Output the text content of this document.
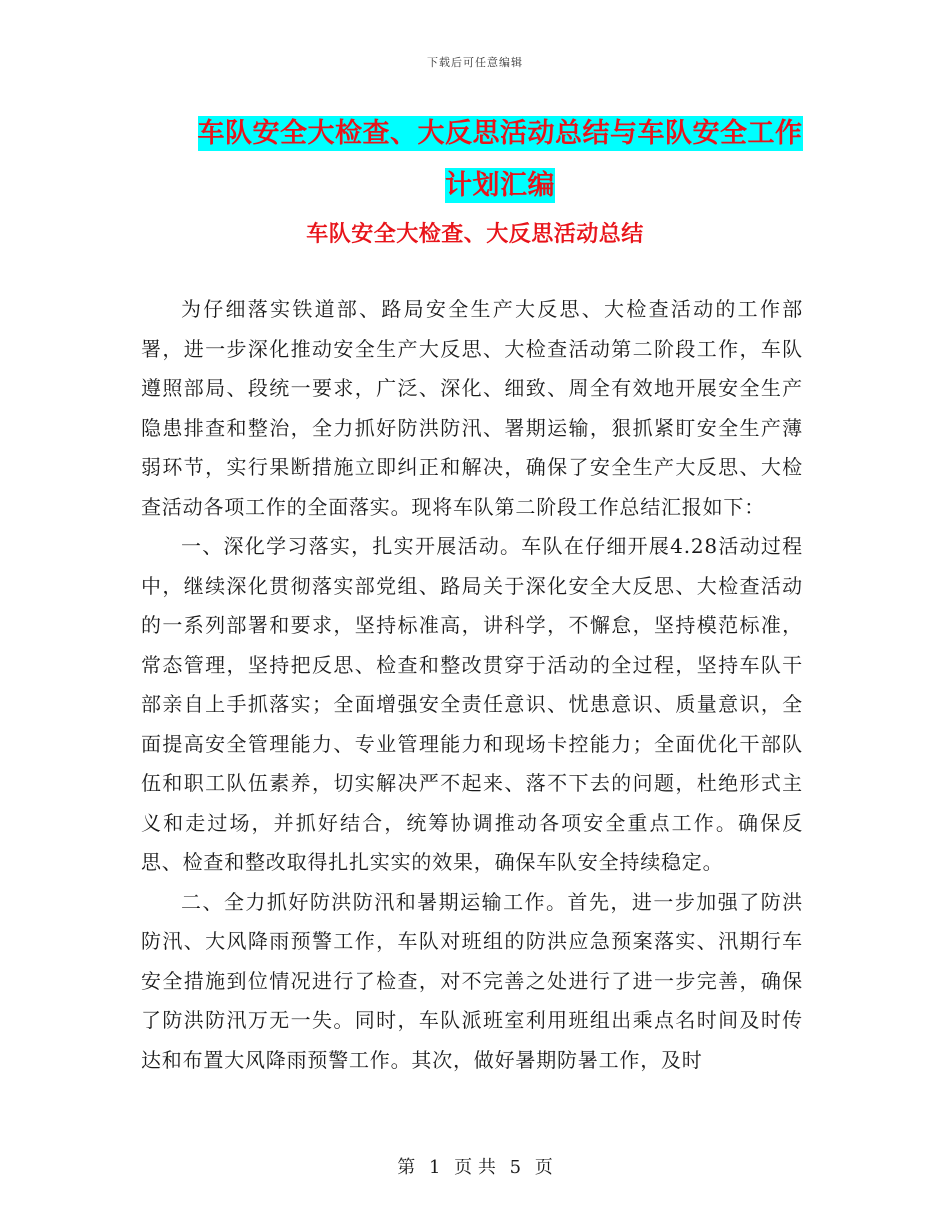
下载后可任意编辑
车队安全大检查、大反思活动总结与车队安全工作计划汇编
车队安全大检查、大反思活动总结

为仔细落实铁道部、路局安全生产大反思、大检查活动的工作部署，进一步深化推动安全生产大反思、大检查活动第二阶段工作，车队遵照部局、段统一要求，广泛、深化、细致、周全有效地开展安全生产隐患排查和整治，全力抓好防洪防汛、署期运输，狠抓紧盯安全生产薄弱环节，实行果断措施立即纠正和解决，确保了安全生产大反思、大检查活动各项工作的全面落实。现将车队第二阶段工作总结汇报如下：

一、深化学习落实，扎实开展活动。车队在仔细开展4.28活动过程中，继续深化贯彻落实部党组、路局关于深化安全大反思、大检查活动的一系列部署和要求，坚持标准高，讲科学，不懈怠，坚持模范标准，常态管理，坚持把反思、检查和整改贯穿于活动的全过程，坚持车队干部亲自上手抓落实；全面增强安全责任意识、忧患意识、质量意识，全面提高安全管理能力、专业管理能力和现场卡控能力；全面优化干部队伍和职工队伍素养，切实解决严不起来、落不下去的问题，杜绝形式主义和走过场，并抓好结合，统筹协调推动各项安全重点工作。确保反思、检查和整改取得扎扎实实的效果，确保车队安全持续稳定。

二、全力抓好防洪防汛和暑期运输工作。首先，进一步加强了防洪防汛、大风降雨预警工作，车队对班组的防洪应急预案落实、汛期行车安全措施到位情况进行了检查，对不完善之处进行了进一步完善，确保了防洪防汛万无一失。同时，车队派班室利用班组出乘点名时间及时传达和布置大风降雨预警工作。其次，做好暑期防暑工作，及时

第 1 页 共 5 页
